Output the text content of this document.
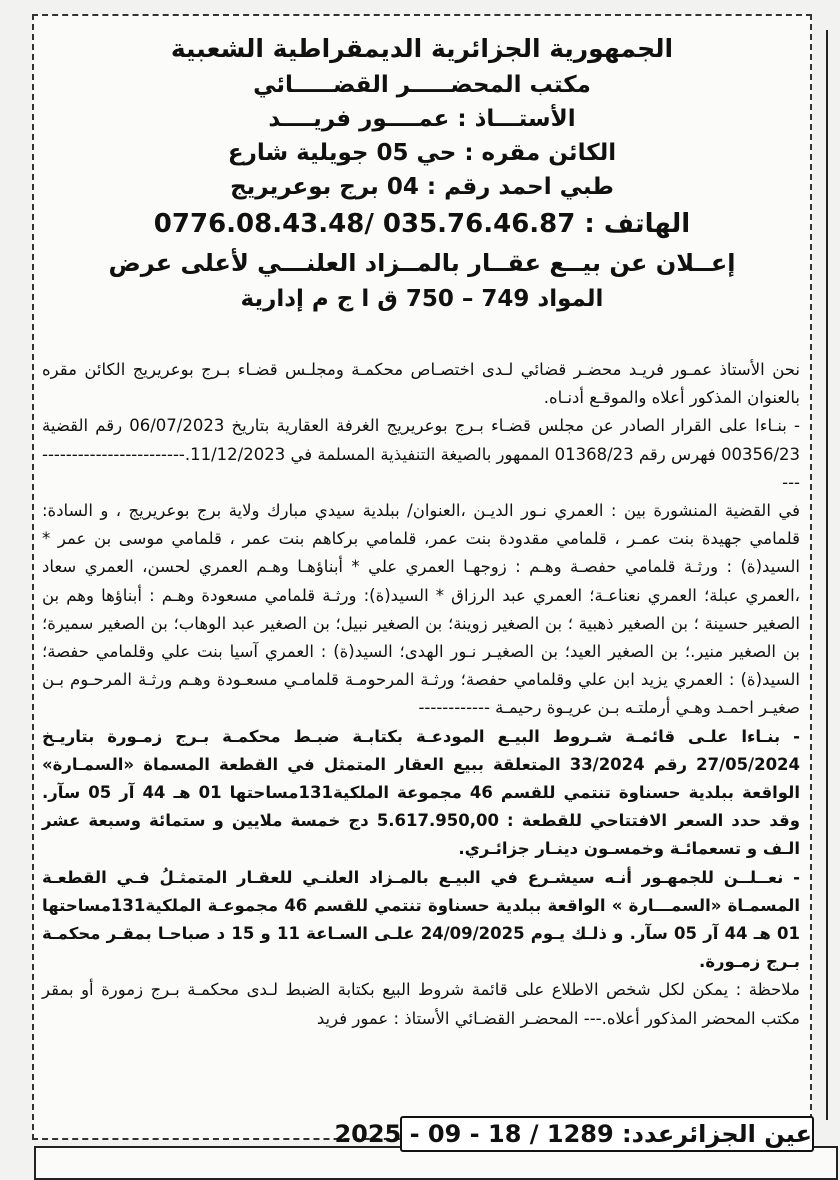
الجمهورية الجزائرية الديمقراطية الشعبية

مكتب المحضـــــر القضـــــائي

الأستـــاذ : عمــــور فريــــد

الكائن مقره : حي 05 جويلية شارع

طبي احمد رقم : 04 برج بوعريريج

الهاتف : 035.76.46.87 /0776.08.43.48

إعــلان عن بيــع عقــار بالمــزاد العلنـــي لأعلى عرض

المواد 749 – 750 ق ا ج م إدارية

نحن الأستاذ عمـور فريـد محضـر قضائي لـدى اختصـاص محكمـة ومجلـس قضـاء بـرج بوعريريج الكائن مقره بالعنوان المذكور أعلاه والموقـع أدنـاه.

- بنـاءا على القرار الصادر عن مجلس قضـاء بـرج بوعريريج الغرفة العقارية بتاريخ 06/07/2023 رقم القضية 00356/23 فهرس رقم 01368/23 الممهور بالصيغة التنفيذية المسلمة في 11/12/2023.---------------------------

في القضية المنشورة بين : العمري نـور الديـن ،العنوان/ ببلدية سيدي مبارك ولاية برج بوعريريج ، و السادة: قلمامي جهيدة بنت عمـر ، قلمامي مقدودة بنت عمر، قلمامي بركاهم بنت عمر ، قلمامي موسى بن عمر * السيد(ة) : ورثـة قلمامي حفصـة وهـم : زوجهـا العمري علي * أبناؤهـا وهـم العمري لحسن، العمري سعاد ،العمري عبلة؛ العمري نعناعـة؛ العمري عبد الرزاق * السيد(ة): ورثـة قلمامي مسعودة وهـم : أبناؤها وهم بن الصغير حسينة ؛ بن الصغير ذهبية ؛ بن الصغير زوينة؛ بن الصغير نبيل؛ بن الصغير عبد الوهاب؛ بن الصغير سميرة؛ بن الصغير منير.؛ بن الصغير العيد؛ بن الصغيـر نـور الهدى؛ السيد(ة) : العمري آسيا بنت علي وقلمامي حفصة؛ السيد(ة) : العمري يزيد ابن علي وقلمامي حفصة؛ ورثـة المرحومـة قلمامـي مسعـودة وهـم ورثـة المرحـوم بـن صغيـر احمـد وهـي أرملتـه بـن عريـوة رحيمـة ------------

- بنـاءا علـى قائمـة شـروط البيـع المودعـة بكتابـة ضبـط محكمـة بـرج زمـورة بتاريـخ 27/05/2024 رقم 33/2024 المتعلقة ببيع العقار المتمثل في القطعة المسماة «السمـارة» الواقعة ببلدية حسناوة تنتمي للقسم 46 مجموعة الملكية131مساحتها 01 هـ 44 آر 05 سآر. وقد حدد السعر الافتتاحي للقطعة : 5.617.950,00 دج خمسة ملايين و ستمائة وسبعة عشر الـف و تسعمائـة وخمسـون دينـار جزائـري.

- نعــلــن للجمهـور أنـه سيشـرع في البيـع بالمـزاد العلنـي للعقـار المتمثـلُ فـي القطعـة المسمـاة «السمـــارة » الواقعة ببلدية حسناوة تنتمي للقسم 46 مجموعـة الملكية131مساحتها 01 هـ 44 آر 05 سآر. و ذلـك يـوم 24/09/2025 علـى السـاعة 11 و 15 د صباحـا بمقـر محكمـة بـرج زمـورة.

ملاحظة : يمكن لكل شخص الاطلاع على قائمة شروط البيع بكتابة الضبط لـدى محكمـة بـرج زمورة أو بمقر مكتب المحضر المذكور أعلاه.--- المحضـر القضـائي الأستاذ : عمور فريد

عين الجزائرعدد: 1289 / 18 - 09 - 2025
